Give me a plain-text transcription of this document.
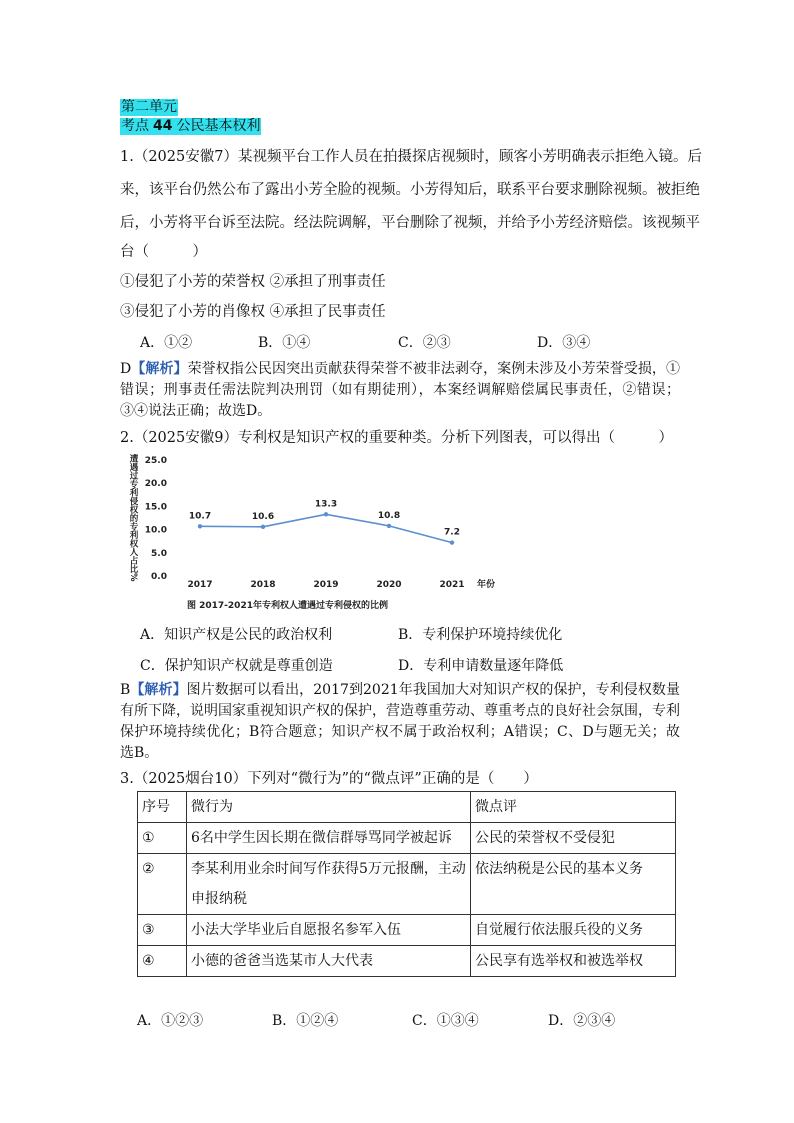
第二单元
考点 44 公民基本权利
1.（2025安徽7）某视频平台工作人员在拍摄探店视频时，顾客小芳明确表示拒绝入镜。后
来，该平台仍然公布了露出小芳全脸的视频。小芳得知后，联系平台要求删除视频。被拒绝
后，小芳将平台诉至法院。经法院调解，平台删除了视频，并给予小芳经济赔偿。该视频平
台（　　　）
①侵犯了小芳的荣誉权 ②承担了刑事责任
③侵犯了小芳的肖像权 ④承担了民事责任
A．①②	B．①④	C．②③	D．③④
D【解析】荣誉权指公民因突出贡献获得荣誉不被非法剥夺，案例未涉及小芳荣誉受损，①错误；刑事责任需法院判决刑罚（如有期徒刑），本案经调解赔偿属民事责任，②错误；③④说法正确；故选D。
2.（2025安徽9）专利权是知识产权的重要种类。分析下列图表，可以得出（　　　）
遭遇过专利侵权的专利权人占比% 25.0
20.0
15.0
10.0
5.0
0.0
2017	2018	2019	2020	2021
10.7	10.6
13.3
10.8
7.2
年份
图 2017-2021年专利权人遭遇过专利侵权的比例
A．知识产权是公民的政治权利	B．专利保护环境持续优化
C．保护知识产权就是尊重创造	D．专利申请数量逐年降低
B【解析】图片数据可以看出，2017到2021年我国加大对知识产权的保护，专利侵权数量有所下降，说明国家重视知识产权的保护，营造尊重劳动、尊重考点的良好社会氛围，专利保护环境持续优化；B符合题意；知识产权不属于政治权利；A错误；C、D与题无关；故选B。
3.（2025烟台10）下列对“微行为”的“微点评”正确的是（　　）
序号	微行为	微点评
①	6名中学生因长期在微信群辱骂同学被起诉	公民的荣誉权不受侵犯
②	李某利用业余时间写作获得5万元报酬，主动
申报纳税	依法纳税是公民的基本义务
③	小法大学毕业后自愿报名参军入伍	自觉履行依法服兵役的义务
④	小德的爸爸当选某市人大代表	公民享有选举权和被选举权
A．①②③	B．①②④	C．①③④	D．②③④
